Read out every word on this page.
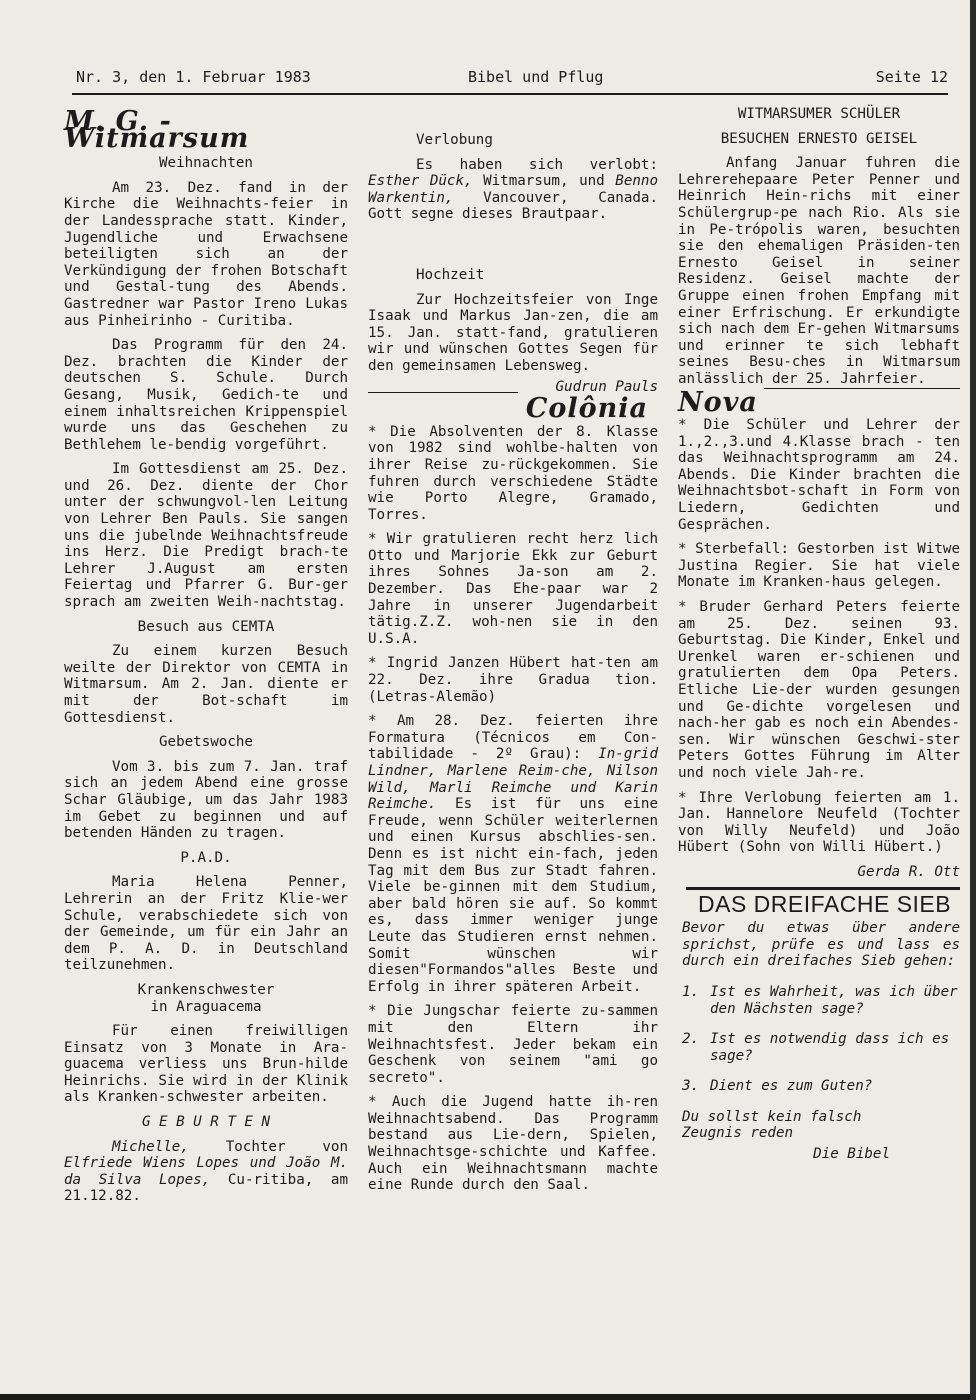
Nr. 3, den 1. Februar 1983	Bibel und Pflug	Seite 12
M. G. - Witmarsum
Weihnachten

Am 23. Dez. fand in der Kirche die Weihnachts-feier in der Landessprache statt. Kinder, Jugendliche und Erwachsene beteiligten sich an der Verkündigung der frohen Botschaft und Gestal-tung des Abends. Gastredner war Pastor Ireno Lukas aus Pinheirinho - Curitiba.

Das Programm für den 24. Dez. brachten die Kinder der deutschen S. Schule. Durch Gesang, Musik, Gedich-te und einem inhaltsreichen Krippenspiel wurde uns das Geschehen zu Bethlehem le-bendig vorgeführt.

Im Gottesdienst am 25. Dez. und 26. Dez. diente der Chor unter der schwungvol-len Leitung von Lehrer Ben Pauls. Sie sangen uns die jubelnde Weihnachtsfreude ins Herz. Die Predigt brach-te Lehrer J.August am ersten Feiertag und Pfarrer G. Bur-ger sprach am zweiten Weih-nachtstag.

Besuch aus CEMTA

Zu einem kurzen Besuch weilte der Direktor von CEMTA in Witmarsum. Am 2. Jan. diente er mit der Bot-schaft im Gottesdienst.

Gebetswoche

Vom 3. bis zum 7. Jan. traf sich an jedem Abend eine grosse Schar Gläubige, um das Jahr 1983 im Gebet zu beginnen und auf betenden Händen zu tragen.

P.A.D.

Maria Helena Penner, Lehrerin an der Fritz Klie-wer Schule, verabschiedete sich von der Gemeinde, um für ein Jahr an dem P. A. D. in Deutschland teilzunehmen.

Krankenschwester
in Araguacema

Für einen freiwilligen Einsatz von 3 Monate in Ara-guacema verliess uns Brun-hilde Heinrichs. Sie wird in der Klinik als Kranken-schwester arbeiten.

G E B U R T E N

Michelle, Tochter von Elfriede Wiens Lopes und João M. da Silva Lopes, Cu-ritiba, am 21.12.82.

Verlobung

Es haben sich verlobt: Esther Dück, Witmarsum, und Benno Warkentin, Vancouver, Canada. Gott segne dieses Brautpaar.

Hochzeit

Zur Hochzeitsfeier von Inge Isaak und Markus Jan-zen, die am 15. Jan. statt-fand, gratulieren wir und wünschen Gottes Segen für den gemeinsamen Lebensweg.

Gudrun Pauls
Colônia

* Die Absolventen der 8. Klasse von 1982 sind wohlbe-halten von ihrer Reise zu-rückgekommen. Sie fuhren durch verschiedene Städte wie Porto Alegre, Gramado, Torres.

* Wir gratulieren recht herz lich Otto und Marjorie Ekk zur Geburt ihres Sohnes Ja-son am 2. Dezember. Das Ehe-paar war 2 Jahre in unserer Jugendarbeit tätig.Z.Z. woh-nen sie in den U.S.A.

* Ingrid Janzen Hübert hat-ten am 22. Dez. ihre Gradua tion. (Letras-Alemão)

* Am 28. Dez. feierten ihre Formatura (Técnicos em Con-tabilidade - 2º Grau): In-grid Lindner, Marlene Reim-che, Nilson Wild, Marli Reimche und Karin Reimche. Es ist für uns eine Freude, wenn Schüler weiterlernen und einen Kursus abschlies-sen. Denn es ist nicht ein-fach, jeden Tag mit dem Bus zur Stadt fahren. Viele be-ginnen mit dem Studium, aber bald hören sie auf. So kommt es, dass immer weniger junge Leute das Studieren ernst nehmen. Somit wünschen wir diesen"Formandos"alles Beste und Erfolg in ihrer späteren Arbeit.

* Die Jungschar feierte zu-sammen mit den Eltern ihr Weihnachtsfest. Jeder bekam ein Geschenk von seinem "ami go secreto".

* Auch die Jugend hatte ih-ren Weihnachtsabend. Das Programm bestand aus Lie-dern, Spielen, Weihnachtsge-schichte und Kaffee. Auch ein Weihnachtsmann machte eine Runde durch den Saal.

WITMARSUMER SCHÜLER
BESUCHEN ERNESTO GEISEL

Anfang Januar fuhren die Lehrerehepaare Peter Penner und Heinrich Hein-richs mit einer Schülergrup-pe nach Rio. Als sie in Pe-trópolis waren, besuchten sie den ehemaligen Präsiden-ten Ernesto Geisel in seiner Residenz. Geisel machte der Gruppe einen frohen Empfang mit einer Erfrischung. Er erkundigte sich nach dem Er-gehen Witmarsums und erinner te sich lebhaft seines Besu-ches in Witmarsum anlässlich der 25. Jahrfeier.

Nova

* Die Schüler und Lehrer der 1.,2.,3.und 4.Klasse brach - ten das Weihnachtsprogramm am 24. Abends. Die Kinder brachten die Weihnachtsbot-schaft in Form von Liedern, Gedichten und Gesprächen.

* Sterbefall: Gestorben ist Witwe Justina Regier. Sie hat viele Monate im Kranken-haus gelegen.

* Bruder Gerhard Peters feierte am 25. Dez. seinen 93. Geburtstag. Die Kinder, Enkel und Urenkel waren er-schienen und gratulierten dem Opa Peters. Etliche Lie-der wurden gesungen und Ge-dichte vorgelesen und nach-her gab es noch ein Abendes-sen. Wir wünschen Geschwi-ster Peters Gottes Führung im Alter und noch viele Jah-re.

* Ihre Verlobung feierten am 1. Jan. Hannelore Neufeld (Tochter von Willy Neufeld) und João Hübert (Sohn von Willi Hübert.)

Gerda R. Ott
DAS DREIFACHE SIEB

Bevor du etwas über andere sprichst, prüfe es und lass es durch ein dreifaches Sieb gehen:

1. Ist es Wahrheit, was ich über den Nächsten sage?
2. Ist es notwendig dass ich es sage?
3. Dient es zum Guten?
Du sollst kein falsch Zeugnis reden
Die Bibel
